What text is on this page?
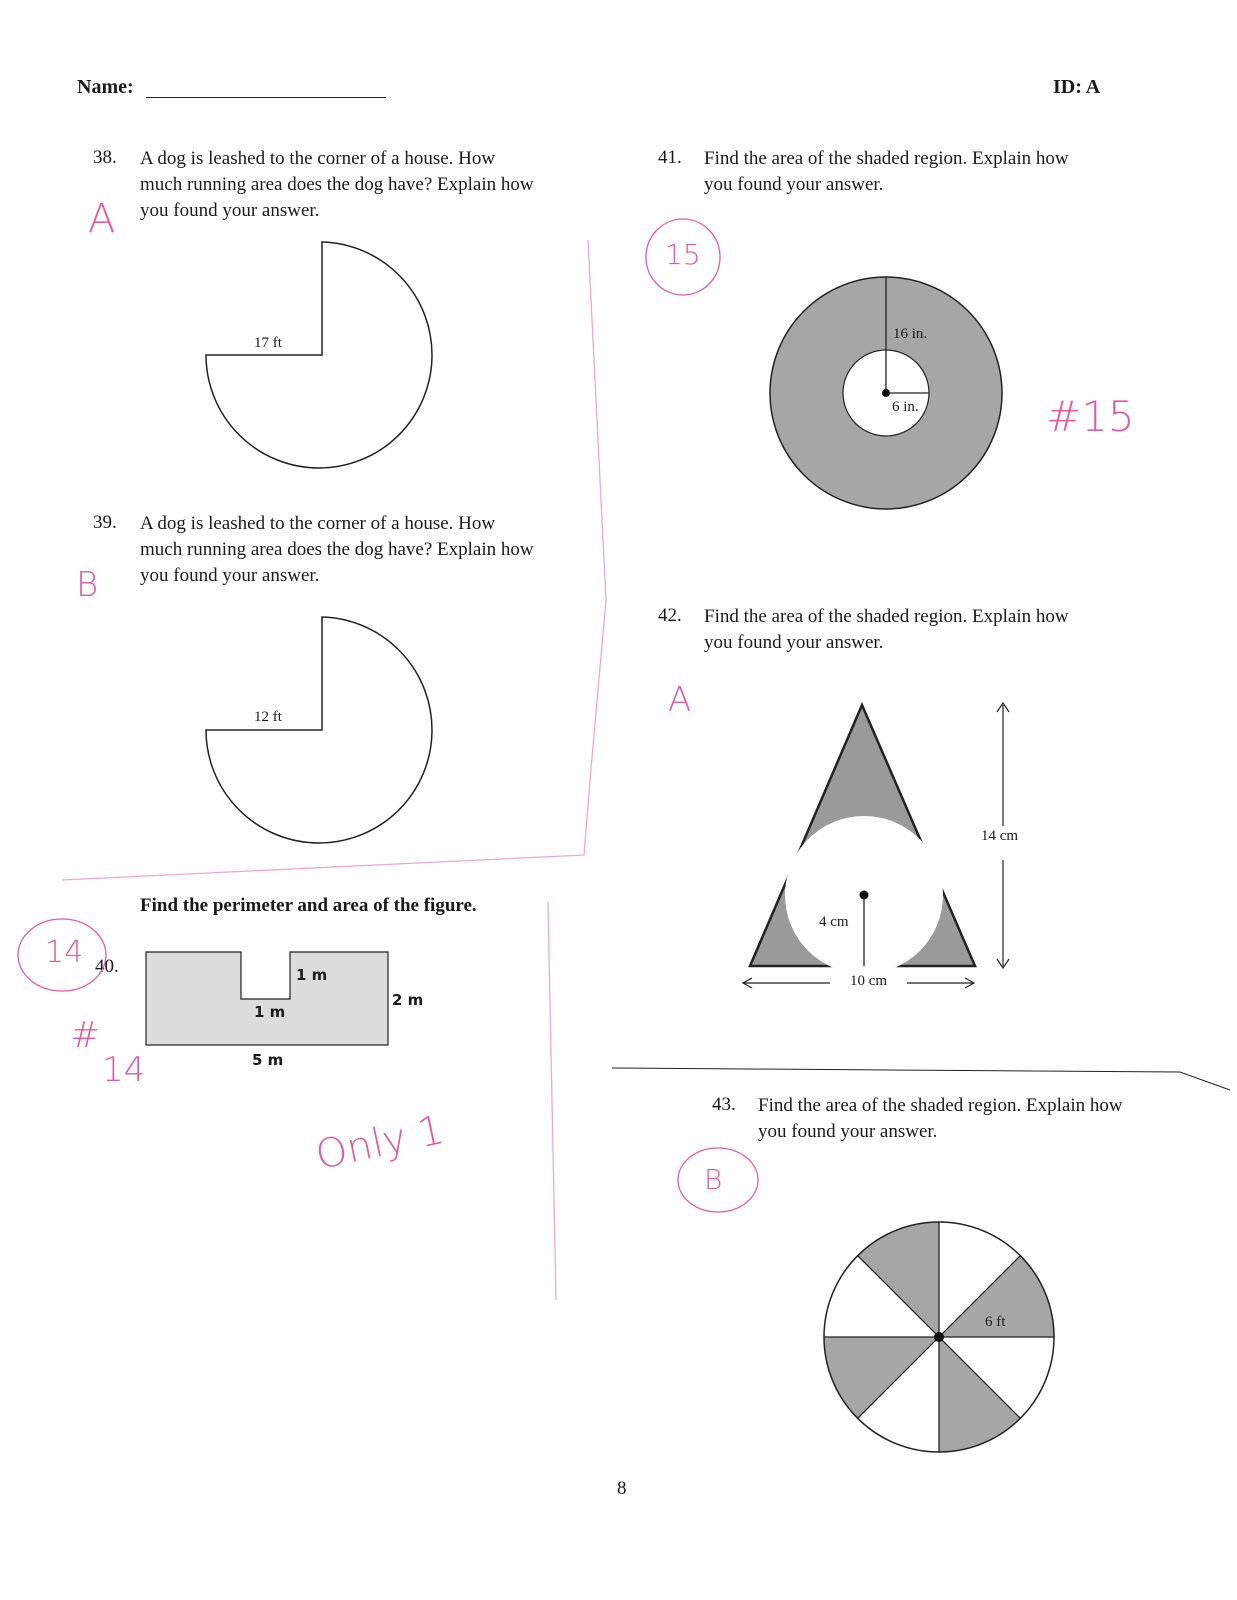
Name:	ID: A
38. A dog is leashed to the corner of a house. How
much running area does the dog have? Explain how
you found your answer.
17 ft
39. A dog is leashed to the corner of a house. How
much running area does the dog have? Explain how
you found your answer.
12 ft
Find the perimeter and area of the figure.
40.	1 m
1 m
2 m
5 m
41. Find the area of the shaded region. Explain how
you found your answer.
16 in.
6 in.
42. Find the area of the shaded region. Explain how
you found your answer.
14 cm
4 cm
10 cm
43. Find the area of the shaded region. Explain how
you found your answer.
6 ft
8
A
B
15
#15
A
14
#
14
Only 1
B
